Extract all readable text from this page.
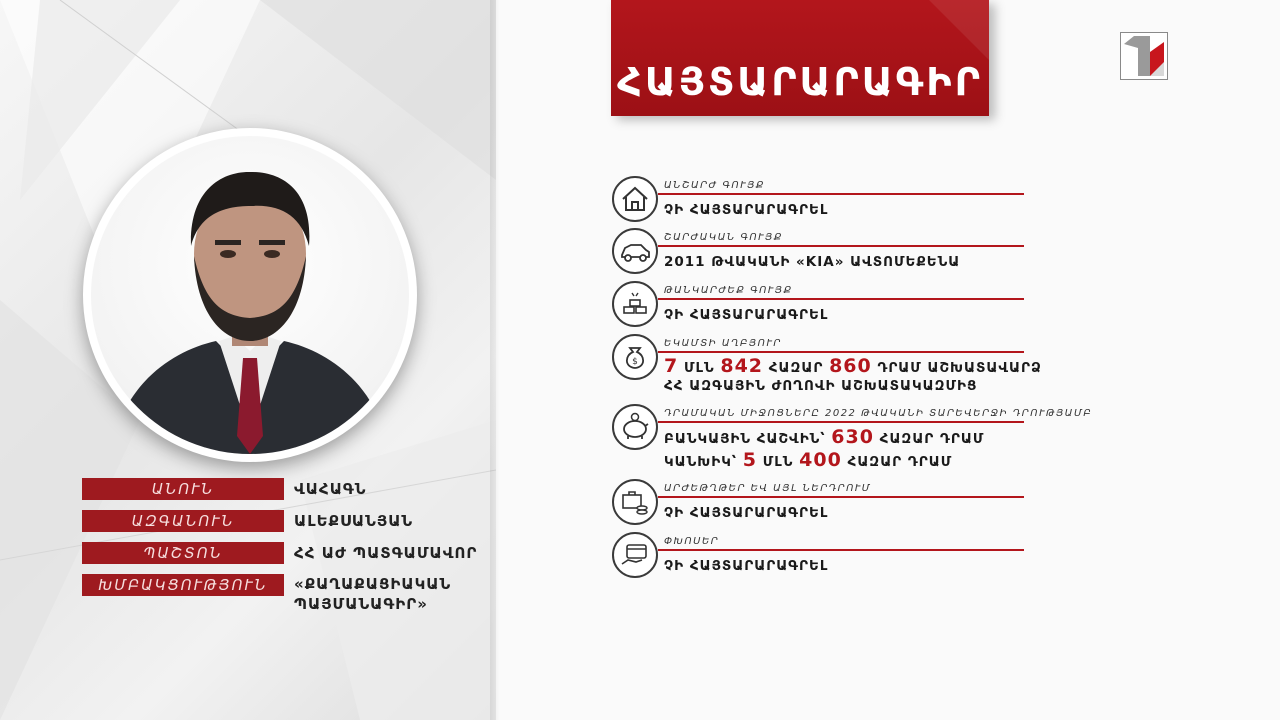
ՀԱՅՏԱՐԱՐԱԳԻՐ
ԱՆՈՒՆ	ՎԱՀԱԳՆ
ԱԶԳԱՆՈՒՆ	ԱԼԵՔՍԱՆՅԱՆ
ՊԱՇՏՈՆ	ՀՀ ԱԺ ՊԱՏԳԱՄԱՎՈՐ
ԽՄԲԱԿՑՈՒԹՅՈՒՆ	«ՔԱՂԱՔԱՑԻԱԿԱՆ
ՊԱՅՄԱՆԱԳԻՐ»
ԱՆՇԱՐԺ ԳՈՒՅՔ
ՉԻ ՀԱՅՏԱՐԱՐԱԳՐԵԼ
ՇԱՐԺԱԿԱՆ ԳՈՒՅՔ
2011 ԹՎԱԿԱՆԻ «KIA» ԱՎՏՈՄԵՔԵՆԱ
ԹԱՆԿԱՐԺԵՔ ԳՈՒՅՔ
ՉԻ ՀԱՅՏԱՐԱՐԱԳՐԵԼ
$
ԵԿԱՄՏԻ ԱՂԲՅՈՒՐ
7 ՄԼՆ 842 ՀԱԶԱՐ 860 ԴՐԱՄ ԱՇԽԱՏԱՎԱՐՁ
ՀՀ ԱԶԳԱՅԻՆ ԺՈՂՈՎԻ ԱՇԽԱՏԱԿԱԶՄԻՑ
ԴՐԱՄԱԿԱՆ ՄԻՋՈՑՆԵՐԸ 2022 ԹՎԱԿԱՆԻ ՏԱՐԵՎԵՐՋԻ ԴՐՈՒԹՅԱՄԲ
ԲԱՆԿԱՅԻՆ ՀԱՇՎԻՆ՝ 630 ՀԱԶԱՐ ԴՐԱՄ
ԿԱՆԽԻԿ՝ 5 ՄԼՆ 400 ՀԱԶԱՐ ԴՐԱՄ
ԱՐԺԵԹՂԹԵՐ ԵՎ ԱՅԼ ՆԵՐԴՐՈՒՄ
ՉԻ ՀԱՅՏԱՐԱՐԱԳՐԵԼ
ՓԽՈՍԵՐ
ՉԻ ՀԱՅՏԱՐԱՐԱԳՐԵԼ
